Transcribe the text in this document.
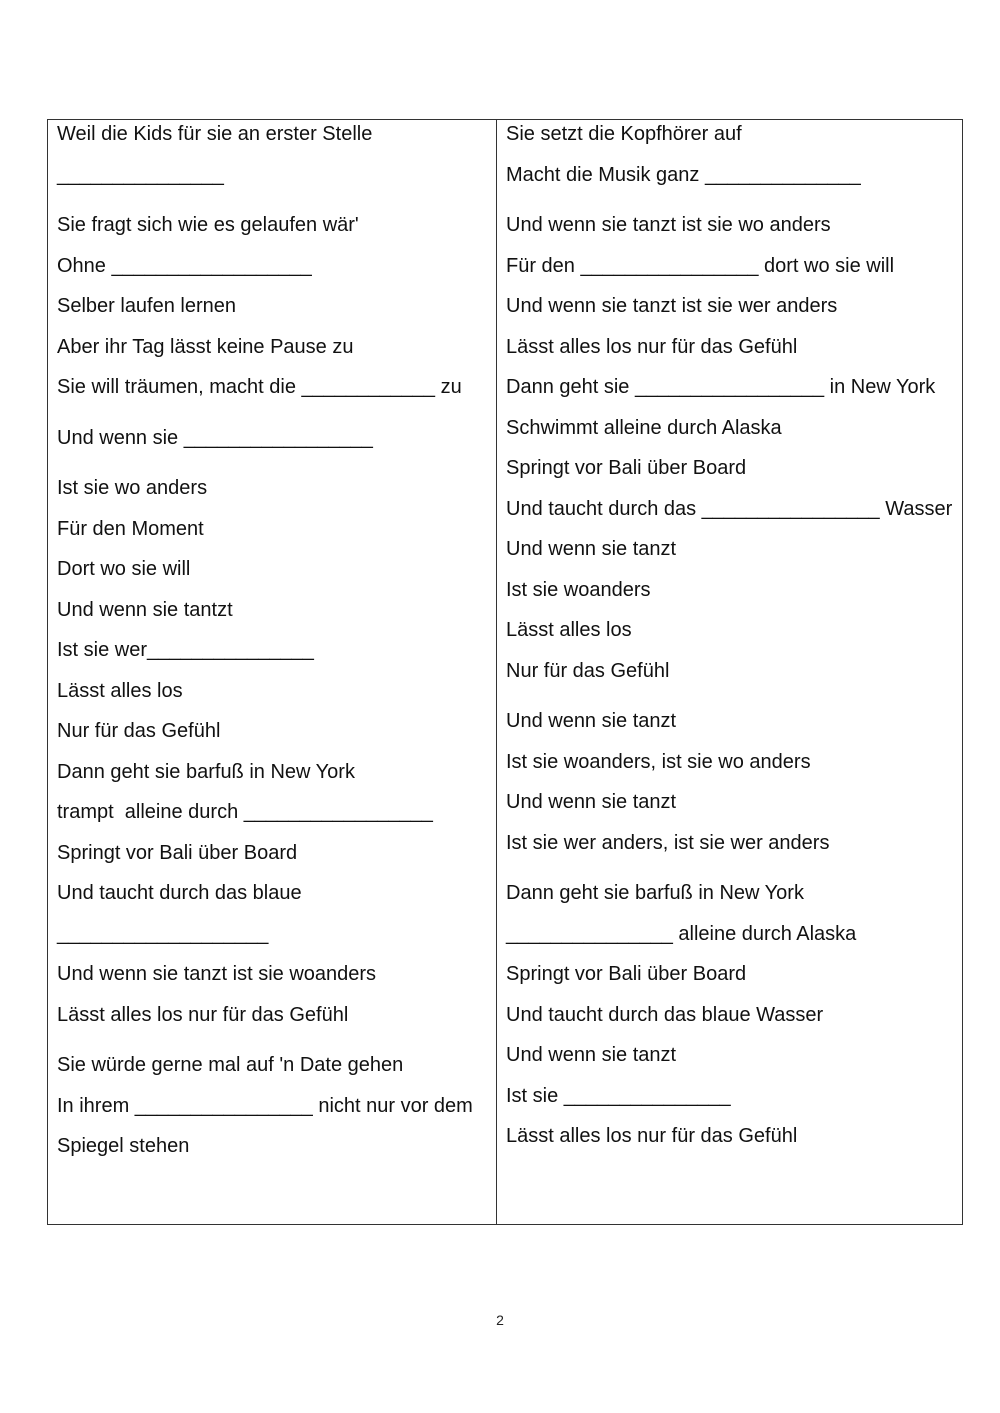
Weil die Kids für sie an erster Stelle
_______________
Sie fragt sich wie es gelaufen wär'
Ohne __________________
Selber laufen lernen
Aber ihr Tag lässt keine Pause zu
Sie will träumen, macht die ____________ zu
Und wenn sie _________________
Ist sie wo anders
Für den Moment
Dort wo sie will
Und wenn sie tantzt
Ist sie wer_______________
Lässt alles los
Nur für das Gefühl
Dann geht sie barfuß in New York
trampt  alleine durch _________________
Springt vor Bali über Board
Und taucht durch das blaue
___________________
Und wenn sie tanzt ist sie woanders
Lässt alles los nur für das Gefühl
Sie würde gerne mal auf 'n Date gehen
In ihrem ________________ nicht nur vor dem
Spiegel stehen
Sie setzt die Kopfhörer auf
Macht die Musik ganz ______________
Und wenn sie tanzt ist sie wo anders
Für den ________________ dort wo sie will
Und wenn sie tanzt ist sie wer anders
Lässt alles los nur für das Gefühl
Dann geht sie _________________ in New York
Schwimmt alleine durch Alaska
Springt vor Bali über Board
Und taucht durch das ________________ Wasser
Und wenn sie tanzt
Ist sie woanders
Lässt alles los
Nur für das Gefühl
Und wenn sie tanzt
Ist sie woanders, ist sie wo anders
Und wenn sie tanzt
Ist sie wer anders, ist sie wer anders
Dann geht sie barfuß in New York
_______________ alleine durch Alaska
Springt vor Bali über Board
Und taucht durch das blaue Wasser
Und wenn sie tanzt
Ist sie _______________
Lässt alles los nur für das Gefühl
2
